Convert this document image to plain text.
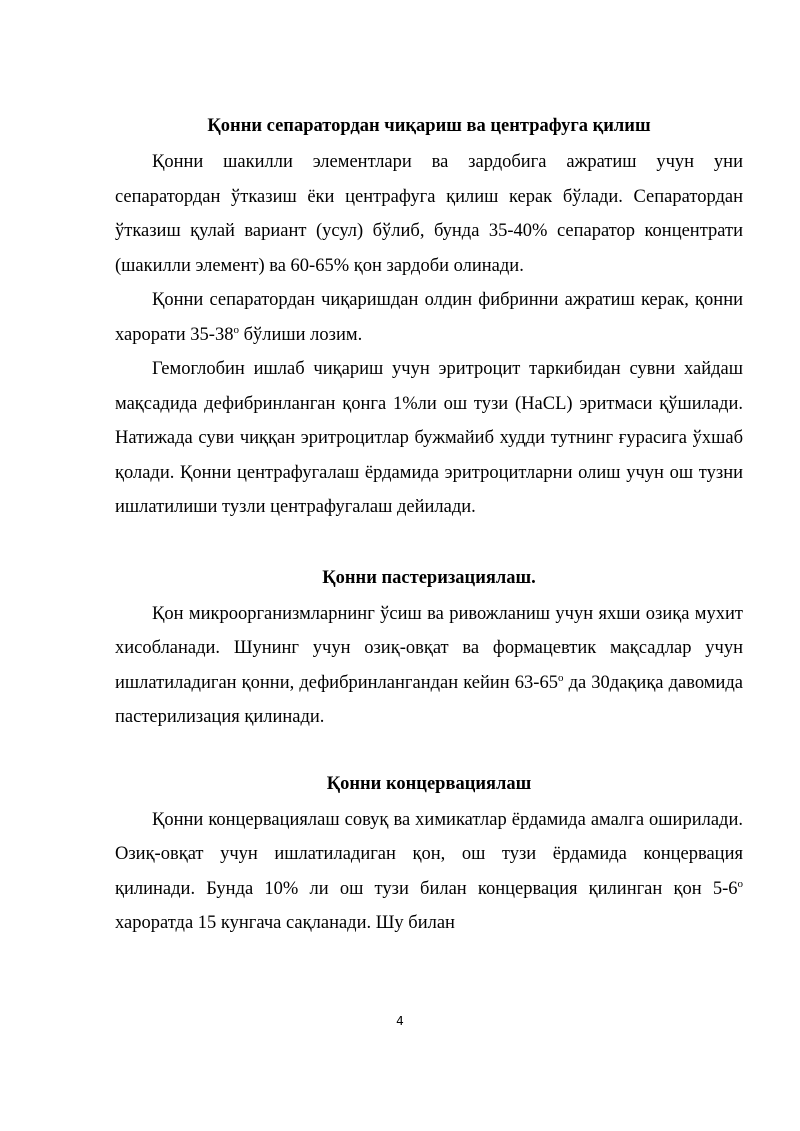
Қонни сепаратордан чиқариш ва центрафуга қилиш

Қонни шакилли элементлари ва зардобига ажратиш учун уни сепаратордан ўтказиш ёки центрафуга қилиш керак бўлади. Сепаратордан ўтказиш қулай вариант (усул) бўлиб, бунда 35-40% сепаратор концентрати (шакилли элемент) ва 60-65% қон зардоби олинади.

Қонни сепаратордан чиқаришдан олдин фибринни ажратиш керак, қонни харорати $35-38^о$ бўлиши лозим.

Гемоглобин ишлаб чиқариш учун эритроцит таркибидан сувни хайдаш мақсадида дефибринланган қонга 1%ли ош тузи (HaCL) эритмаси қўшилади. Натижада суви чиққан эритроцитлар бужмайиб худди тутнинг ғурасига ўхшаб қолади. Қонни центрафугалаш ёрдамида эритроцитларни олиш учун ош тузни ишлатилиши тузли центрафугалаш дейилади.

Қонни пастеризациялаш.

Қон микроорганизмларнинг ўсиш ва ривожланиш учун яхши озиқа мухит хисобланади. Шунинг учун озиқ-овқат ва формацевтик мақсадлар учун ишлатиладиган қонни, дефибринлангандан кейин $63-65^о$ да 30дақиқа давомида пастерилизация қилинади.

Қонни концервациялаш

Қонни концервациялаш совуқ ва химикатлар ёрдамида амалга оширилади. Озиқ-овқат учун ишлатиладиган қон, ош тузи ёрдамида концервация қилинади. Бунда 10% ли ош тузи билан концервация қилинган қон $5-6^о$ хароратда 15 кунгача сақланади. Шу билан

4
